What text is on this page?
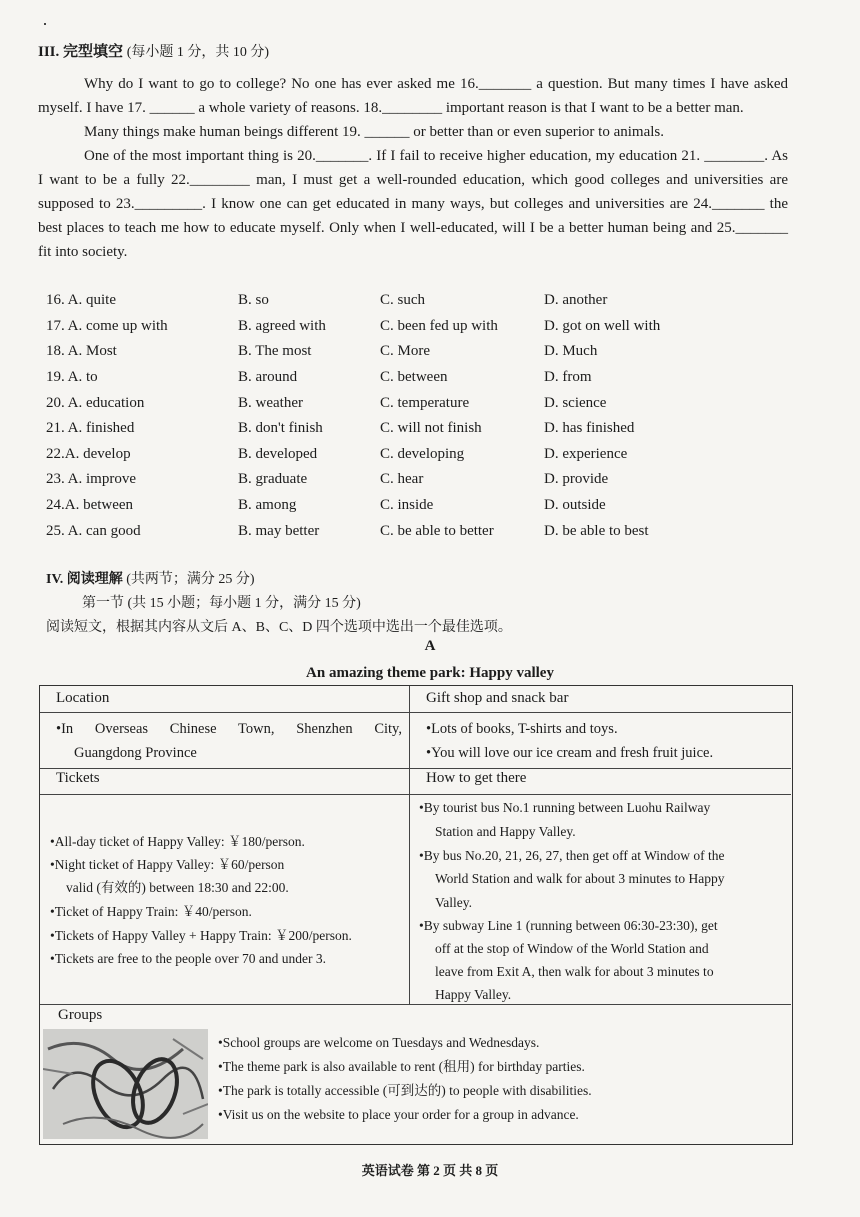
III. 完型填空 (每小题 1 分，共 10 分)

Why do I want to go to college? No one has ever asked me 16._______ a question. But many times I have asked myself. I have 17. ______ a whole variety of reasons. 18.________ important reason is that I want to be a better man.

Many things make human beings different 19. ______ or better than or even superior to animals.

One of the most important thing is 20._______. If I fail to receive higher education, my education 21. ________. As I want to be a fully 22.________ man, I must get a well-rounded education, which good colleges and universities are supposed to 23._________. I know one can get educated in many ways, but colleges and universities are 24._______ the best places to teach me how to educate myself. Only when I well-educated, will I be a better human being and 25._______ fit into society.

16. A. quite	B. so	C. such	D. another
17. A. come up with	B. agreed with	C. been fed up with	D. got on well with
18. A. Most	B. The most	C. More	D. Much
19. A. to	B. around	C. between	D. from
20. A. education	B. weather	C. temperature	D. science
21. A. finished	B. don't finish	C. will not finish	D. has finished
22.A. develop	B. developed	C. developing	D. experience
23. A. improve	B. graduate	C. hear	D. provide
24.A. between	B. among	C. inside	D. outside
25. A. can good	B. may better	C. be able to better	D. be able to best
IV. 阅读理解 (共两节；满分 25 分)
第一节 (共 15 小题；每小题 1 分，满分 15 分)
阅读短文，根据其内容从文后 A、B、C、D 四个选项中选出一个最佳选项。
A
An amazing theme park: Happy valley
Location
•In Overseas Chinese Town, Shenzhen City,
Guangdong Province
Gift shop and snack bar
•Lots of books, T-shirts and toys.
•You will love our ice cream and fresh fruit juice.
Tickets
•All-day ticket of Happy Valley: ￥180/person.
•Night ticket of Happy Valley: ￥60/person
valid (有效的) between 18:30 and 22:00.
•Ticket of Happy Train: ￥40/person.
•Tickets of Happy Valley + Happy Train: ￥200/person.
•Tickets are free to the people over 70 and under 3.
How to get there
•By tourist bus No.1 running between Luohu Railway
Station and Happy Valley.
•By bus No.20, 21, 26, 27, then get off at Window of the
World Station and walk for about 3 minutes to Happy
Valley.
•By subway Line 1 (running between 06:30-23:30), get
off at the stop of Window of the World Station and
leave from Exit A, then walk for about 3 minutes to
Happy Valley.
Groups
•School groups are welcome on Tuesdays and Wednesdays.
•The theme park is also available to rent (租用) for birthday parties.
•The park is totally accessible (可到达的) to people with disabilities.
•Visit us on the website to place your order for a group in advance.
英语试卷 第 2 页 共 8 页
